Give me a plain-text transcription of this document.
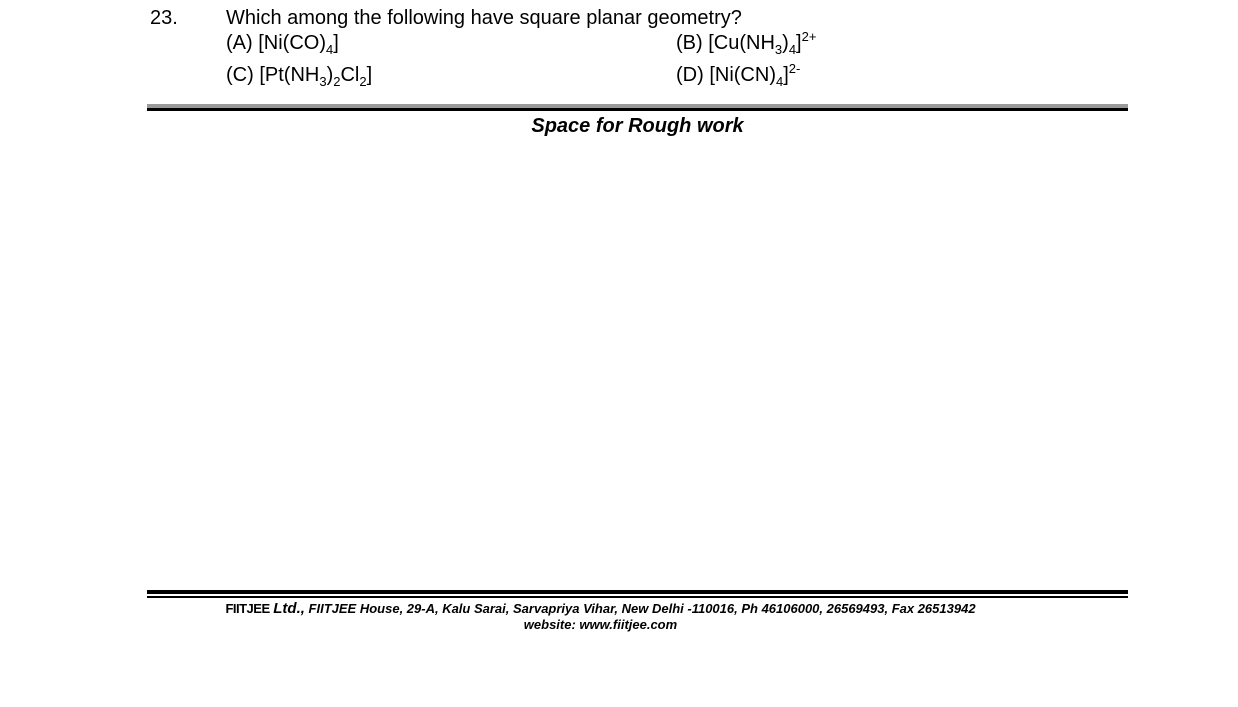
23. Which among the following have square planar geometry?
(A) $[Ni(CO)_4]$	(B) $[Cu(NH_3)_4]^{2+}$
(C) $[Pt(NH_3)_2Cl_2]$	(D) $[Ni(CN)_4]^{2-}$
Space for Rough work
FIITJEE Ltd., FIITJEE House, 29-A, Kalu Sarai, Sarvapriya Vihar, New Delhi -110016, Ph 46106000, 26569493, Fax 26513942
website: www.fiitjee.com
